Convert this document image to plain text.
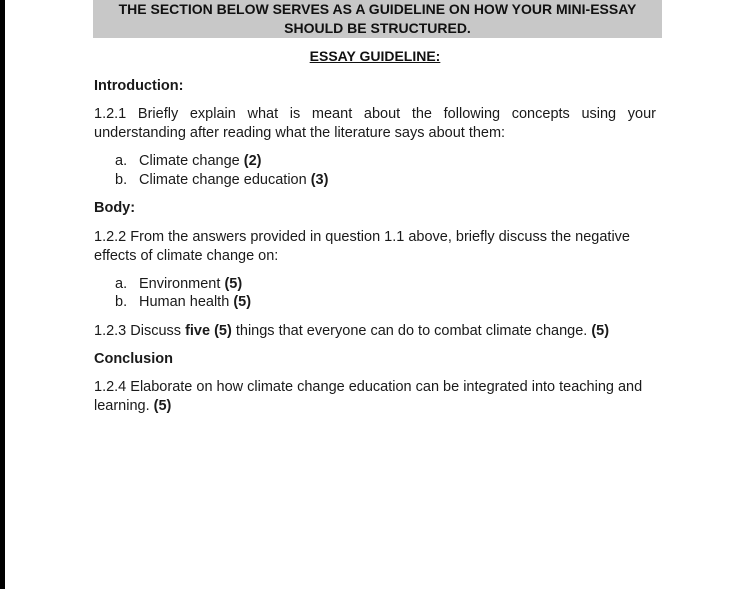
THE SECTION BELOW SERVES AS A GUIDELINE ON HOW YOUR MINI-ESSAY
SHOULD BE STRUCTURED.
ESSAY GUIDELINE:
Introduction:
1.2.1 Briefly explain what is meant about the following concepts using your understanding after reading what the literature says about them:
a. Climate change (2)
b. Climate change education (3)
Body:
1.2.2 From the answers provided in question 1.1 above, briefly discuss the negative effects of climate change on:
a. Environment (5)
b. Human health (5)
1.2.3 Discuss five (5) things that everyone can do to combat climate change. (5)
Conclusion
1.2.4 Elaborate on how climate change education can be integrated into teaching and learning. (5)
